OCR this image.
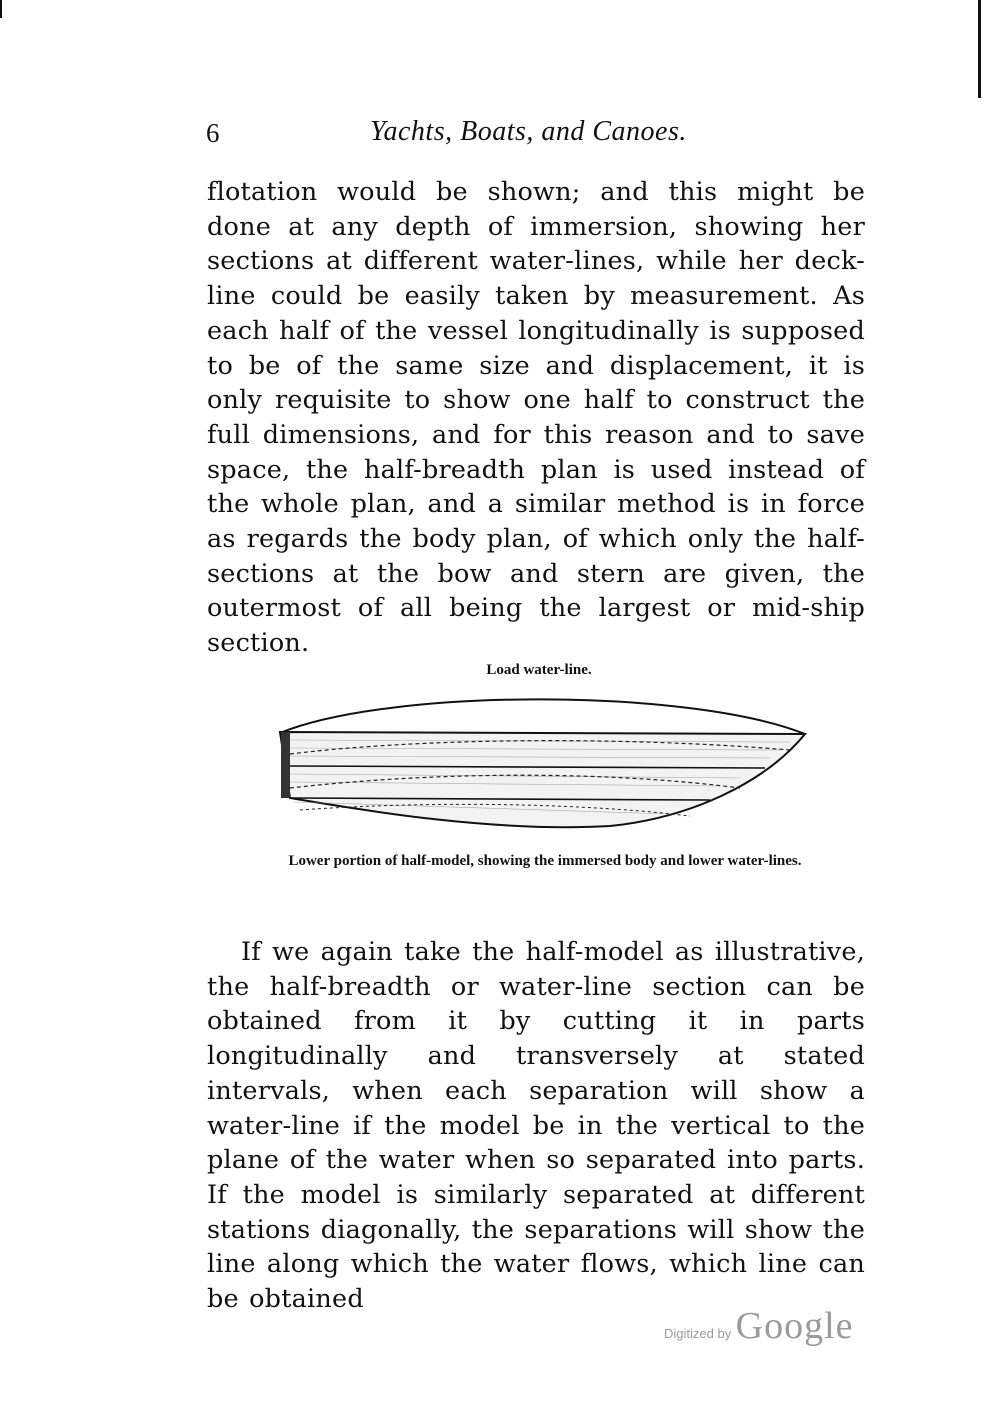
6	Yachts, Boats, and Canoes.

flotation would be shown; and this might be done at any depth of immersion, showing her sections at different water-lines, while her deck-line could be easily taken by measurement. As each half of the vessel longitudinally is supposed to be of the same size and displacement, it is only requisite to show one half to construct the full dimensions, and for this reason and to save space, the half-breadth plan is used instead of the whole plan, and a similar method is in force as regards the body plan, of which only the half-sections at the bow and stern are given, the outermost of all being the largest or mid-ship section.

Load water-line.
Lower portion of half-model, showing the immersed body and lower water-lines.

If we again take the half-model as illustrative, the half-breadth or water-line section can be obtained from it by cutting it in parts longitudinally and transversely at stated intervals, when each separation will show a water-line if the model be in the vertical to the plane of the water when so separated into parts. If the model is similarly separated at different stations diagonally, the separations will show the line along which the water flows, which line can be obtained

Digitized by Google
